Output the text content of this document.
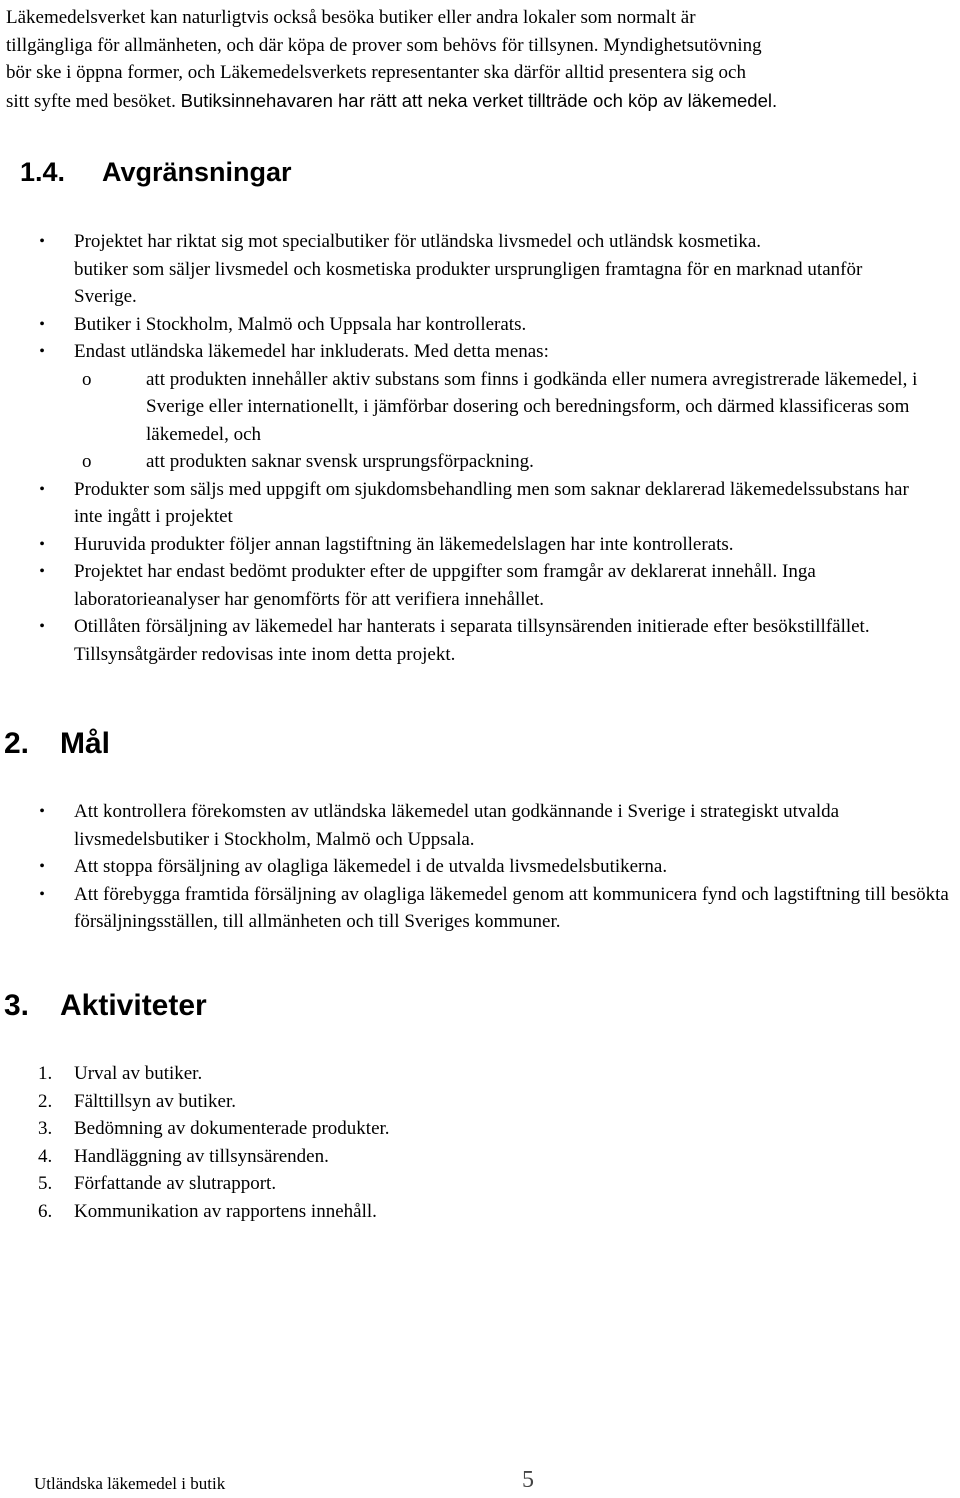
Läkemedelsverket kan naturligtvis också besöka butiker eller andra lokaler som normalt är
tillgängliga för allmänheten, och där köpa de prover som behövs för tillsynen. Myndighetsutövning
bör ske i öppna former, och Läkemedelsverkets representanter ska därför alltid presentera sig och
sitt syfte med besöket. Butiksinnehavaren har rätt att neka verket tillträde och köp av läkemedel.
1.4. Avgränsningar
• Projektet har riktat sig mot specialbutiker för utländska livsmedel och utländsk kosmetika.
butiker som säljer livsmedel och kosmetiska produkter ursprungligen framtagna för en marknad utanför Sverige.
• Butiker i Stockholm, Malmö och Uppsala har kontrollerats.
• Endast utländska läkemedel har inkluderats. Med detta menas:
o	att produkten innehåller aktiv substans som finns i godkända eller numera avregistrerade läkemedel, i Sverige eller internationellt, i jämförbar dosering och beredningsform, och därmed klassificeras som läkemedel, och
o	att produkten saknar svensk ursprungsförpackning.
• Produkter som säljs med uppgift om sjukdomsbehandling men som saknar deklarerad läkemedelssubstans har inte ingått i projektet
• Huruvida produkter följer annan lagstiftning än läkemedelslagen har inte kontrollerats.
• Projektet har endast bedömt produkter efter de uppgifter som framgår av deklarerat innehåll. Inga laboratorieanalyser har genomförts för att verifiera innehållet.
• Otillåten försäljning av läkemedel har hanterats i separata tillsynsärenden initierade efter besökstillfället. Tillsynsåtgärder redovisas inte inom detta projekt.
2. Mål
• Att kontrollera förekomsten av utländska läkemedel utan godkännande i Sverige i strategiskt utvalda livsmedelsbutiker i Stockholm, Malmö och Uppsala.
• Att stoppa försäljning av olagliga läkemedel i de utvalda livsmedelsbutikerna.
• Att förebygga framtida försäljning av olagliga läkemedel genom att kommunicera fynd och lagstiftning till besökta försäljningsställen, till allmänheten och till Sveriges kommuner.
3. Aktiviteter
1. Urval av butiker.
2. Fälttillsyn av butiker.
3. Bedömning av dokumenterade produkter.
4. Handläggning av tillsynsärenden.
5. Författande av slutrapport.
6. Kommunikation av rapportens innehåll.
Utländska läkemedel i butik	5
